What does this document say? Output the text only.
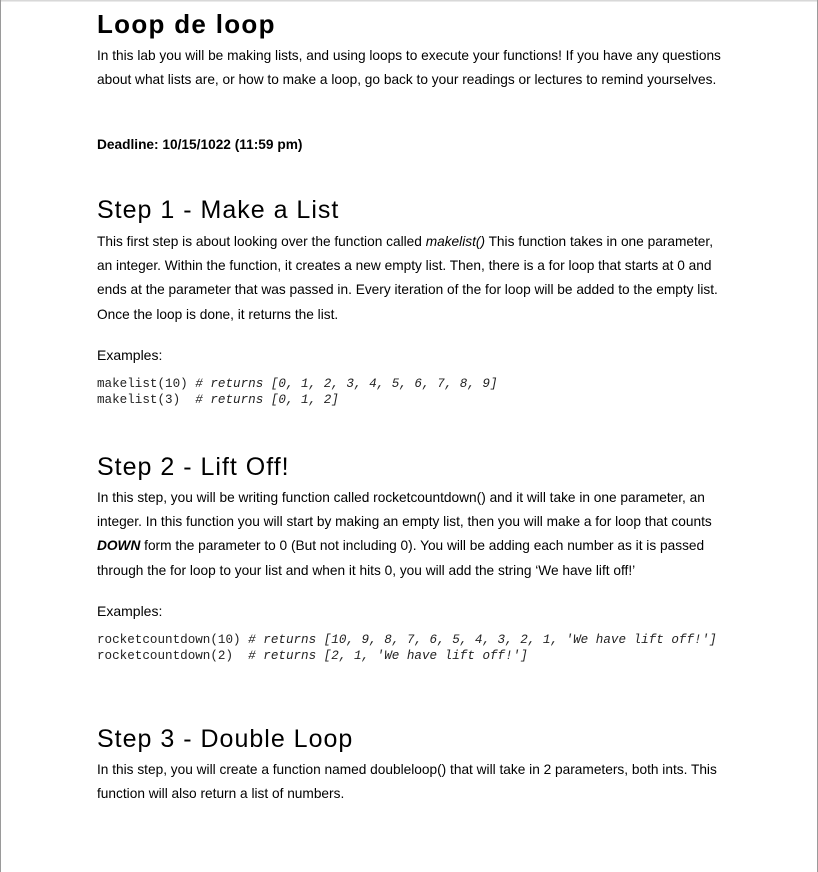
Loop de loop

In this lab you will be making lists, and using loops to execute your functions! If you have any questions about what lists are, or how to make a loop, go back to your readings or lectures to remind yourselves.

Deadline: 10/15/1022 (11:59 pm)
Step 1 - Make a List

This first step is about looking over the function called makelist() This function takes in one parameter, an integer. Within the function, it creates a new empty list. Then, there is a for loop that starts at 0 and ends at the parameter that was passed in. Every iteration of the for loop will be added to the empty list. Once the loop is done, it returns the list.

Examples:
makelist(10) # returns [0, 1, 2, 3, 4, 5, 6, 7, 8, 9]
makelist(3)  # returns [0, 1, 2]
Step 2 - Lift Off!

In this step, you will be writing function called rocketcountdown() and it will take in one parameter, an integer. In this function you will start by making an empty list, then you will make a for loop that counts DOWN form the parameter to 0 (But not including 0). You will be adding each number as it is passed through the for loop to your list and when it hits 0, you will add the string ‘We have lift off!’

Examples:
rocketcountdown(10) # returns [10, 9, 8, 7, 6, 5, 4, 3, 2, 1, 'We have lift off!']
rocketcountdown(2)  # returns [2, 1, 'We have lift off!']
Step 3 - Double Loop

In this step, you will create a function named doubleloop() that will take in 2 parameters, both ints. This function will also return a list of numbers.
